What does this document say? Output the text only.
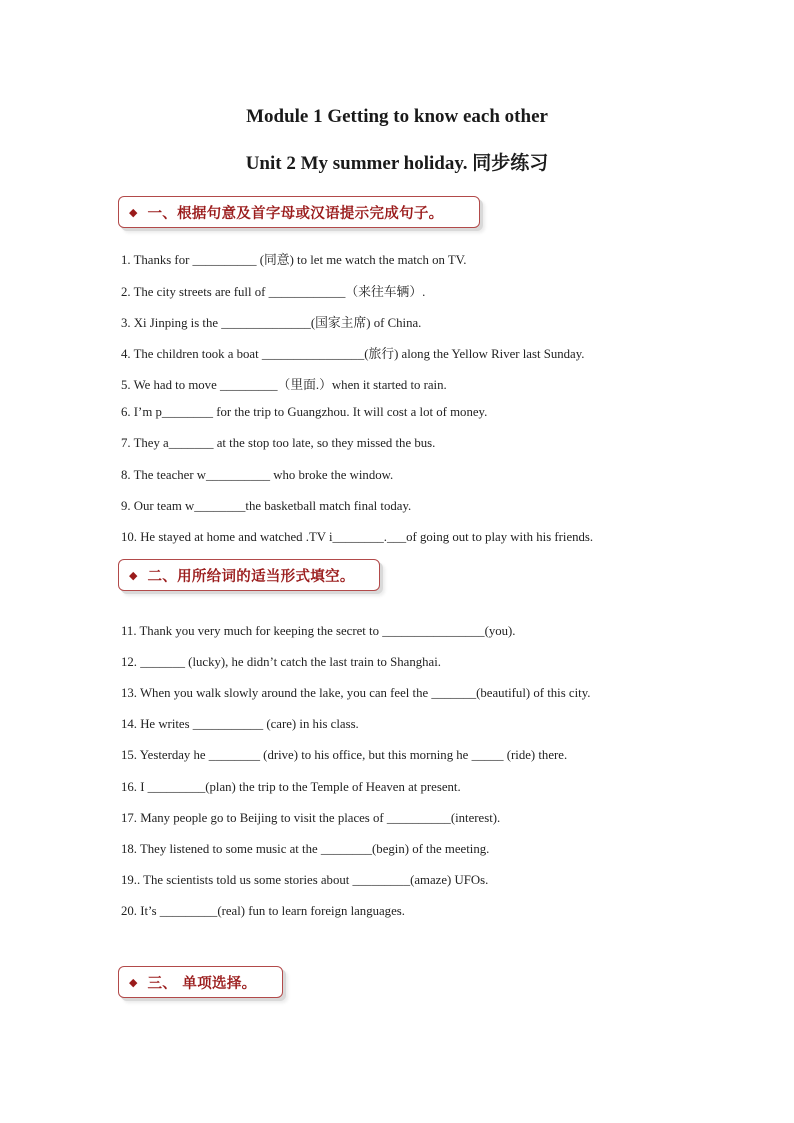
Module 1 Getting to know each other
Unit 2 My summer holiday. 同步练习
◆ 一、根据句意及首字母或汉语提示完成句子。
1. Thanks for __________ (同意) to let me watch the match on TV.
2. The city streets are full of ____________（来往车辆）.
3. Xi Jinping is the ______________(国家主席) of China.
4. The children took a boat ________________(旅行) along the Yellow River last Sunday.
5. We had to move _________（里面.）when it started to rain.
6. I’m p________ for the trip to Guangzhou. It will cost a lot of money.
7. They a_______ at the stop too late, so they missed the bus.
8. The teacher w__________ who broke the window.
9. Our team w________the basketball match final today.
10. He stayed at home and watched .TV i________.___of going out to play with his friends.
◆ 二、用所给词的适当形式填空。
11. Thank you very much for keeping the secret to ________________(you).
12. _______ (lucky), he didn’t catch the last train to Shanghai.
13. When you walk slowly around the lake, you can feel the _______(beautiful) of this city.
14. He writes ___________ (care) in his class.
15. Yesterday he ________ (drive) to his office, but this morning he _____ (ride) there.
16. I _________(plan) the trip to the Temple of Heaven at present.
17. Many people go to Beijing to visit the places of __________(interest).
18. They listened to some music at the ________(begin) of the meeting.
19.. The scientists told us some stories about _________(amaze) UFOs.
20. It’s _________(real) fun to learn foreign languages.
◆ 三、 单项选择。
